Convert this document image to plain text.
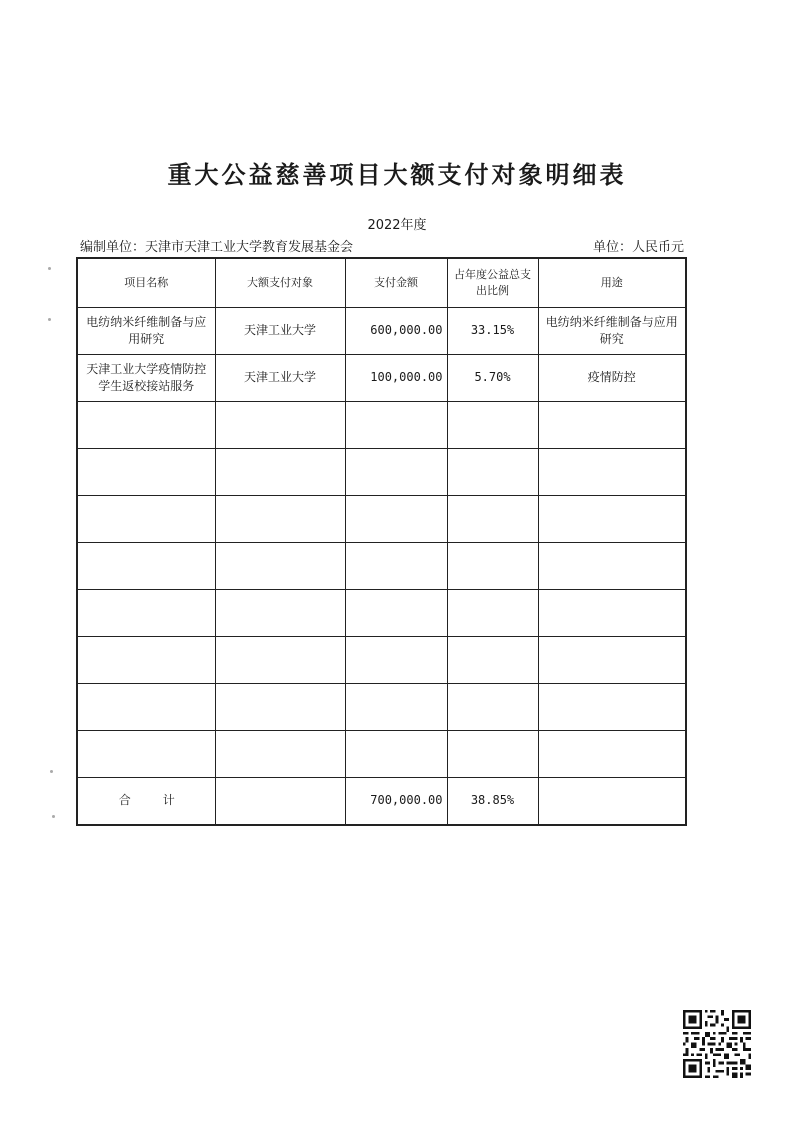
重大公益慈善项目大额支付对象明细表
2022年度
编制单位：天津市天津工业大学教育发展基金会	单位：人民币元
项目名称	大额支付对象	支付金额	占年度公益总支出比例	用途
电纺纳米纤维制备与应用研究	天津工业大学	600,000.00	33.15%	电纺纳米纤维制备与应用研究
天津工业大学疫情防控学生返校接站服务	天津工业大学	100,000.00	5.70%	疫情防控

合计		700,000.00	38.85%	
